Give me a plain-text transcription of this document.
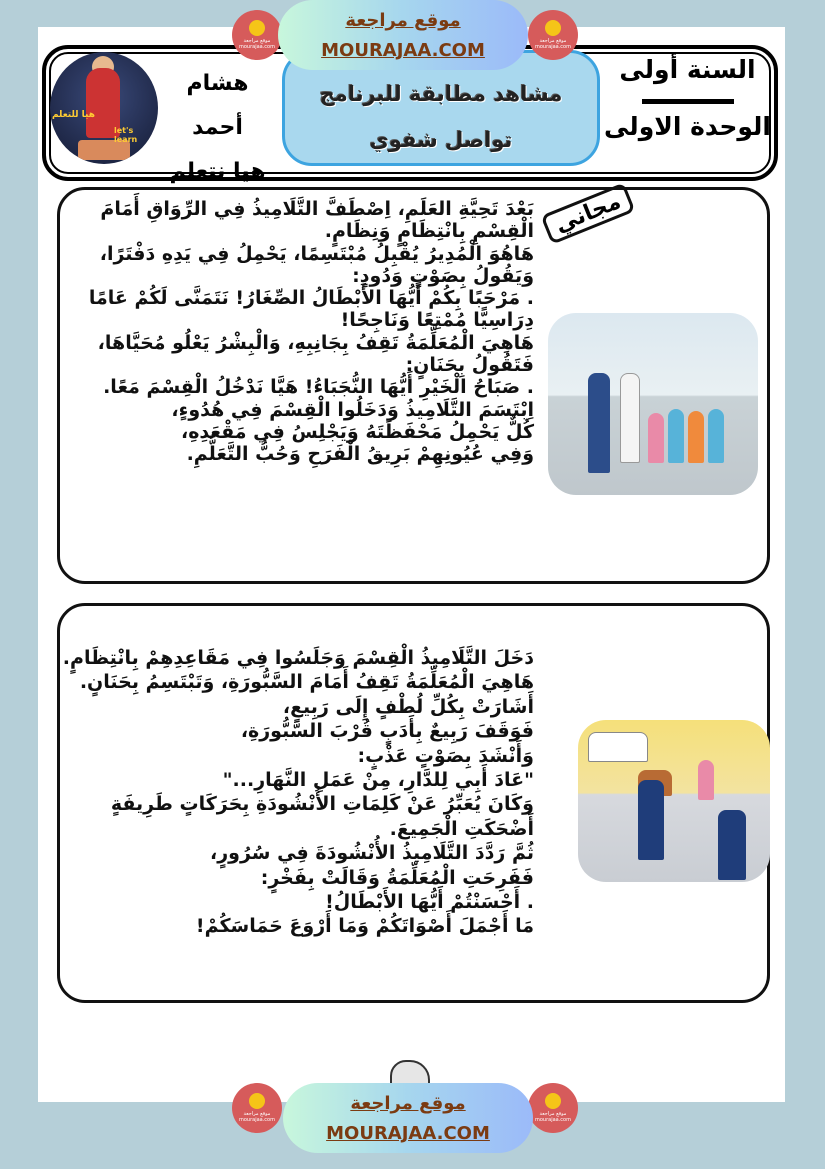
هيا للتعلم
let's learn
هشام أحمد
هيا نتعلم
مشاهد مطابقة للبرنامج
تواصل شفوي
السنة أولى
الوحدة الاولى
موقع مراجعة mourajaa.com
موقع مراجعة mourajaa.com
موقع مراجعة
MOURAJAA.COM
بَعْدَ تَحِيَّةِ العَلَمِ، اِصْطَفَّ التَّلَامِيذُ فِي الرِّوَاقِ أَمَامَ
الْقِسْمِ بِانْتِظَامٍ وَنِظَامٍ.
هَاهُوَ الْمُدِيرُ يُقْبِلُ مُبْتَسِمًا، يَحْمِلُ فِي يَدِهِ دَفْتَرًا،
وَيَقُولُ بِصَوْتٍ وَدُودٍ:
. مَرْحَبًا بِكُمْ أَيُّهَا الأَبْطَالُ الصِّغَارُ! نَتَمَنَّى لَكُمْ عَامًا
دِرَاسِيًّا مُمْتِعًا وَنَاجِحًا!
هَاهِيَ الْمُعَلِّمَةُ تَقِفُ بِجَانِبِهِ، وَالْبِشْرُ يَعْلُو مُحَيَّاهَا،
فَتَقُولُ بِحَنَانٍ:
. صَبَاحُ الْخَيْرِ أَيُّهَا النُّجَبَاءُ! هَيَّا نَدْخُلُ الْقِسْمَ مَعًا.
اِبْتَسَمَ التَّلَامِيذُ وَدَخَلُوا الْقِسْمَ فِي هُدُوءٍ،
كُلٌّ يَحْمِلُ مَحْفَظَتَهُ وَيَجْلِسُ فِي مَقْعَدِهِ،
وَفِي عُيُونِهِمْ بَرِيقُ الْفَرَحِ وَحُبُّ التَّعَلُّمِ.
مجاني
دَخَلَ التَّلَامِيذُ الْقِسْمَ وَجَلَسُوا فِي مَقَاعِدِهِمْ بِانْتِظَامٍ.
هَاهِيَ الْمُعَلِّمَةُ تَقِفُ أَمَامَ السَّبُّورَةِ، وَتَبْتَسِمُ بِحَنَانٍ.
أَشَارَتْ بِكُلِّ لُطْفٍ إِلَى رَبِيعٍ،
فَوَقَفَ رَبِيعٌ بِأَدَبٍ قُرْبَ السَّبُّورَةِ،
وَأَنْشَدَ بِصَوْتٍ عَذْبٍ:
"عَادَ أَبِي لِلدَّارِ، مِنْ عَمَلِ النَّهَارِ..."
وَكَانَ يُعَبِّرُ عَنْ كَلِمَاتِ الأُنْشُودَةِ بِحَرَكَاتٍ طَرِيفَةٍ
أَضْحَكَتِ الْجَمِيعَ.
ثُمَّ رَدَّدَ التَّلَامِيذُ الأُنْشُودَةَ فِي سُرُورٍ،
فَفَرِحَتِ الْمُعَلِّمَةُ وَقَالَتْ بِفَخْرٍ:
. أَحْسَنْتُمْ أَيُّهَا الأَبْطَالُ!
مَا أَجْمَلَ أَصْوَاتَكُمْ وَمَا أَرْوَعَ حَمَاسَكُمْ!
موقع مراجعة mourajaa.com
موقع مراجعة mourajaa.com
موقع مراجعة
MOURAJAA.COM
